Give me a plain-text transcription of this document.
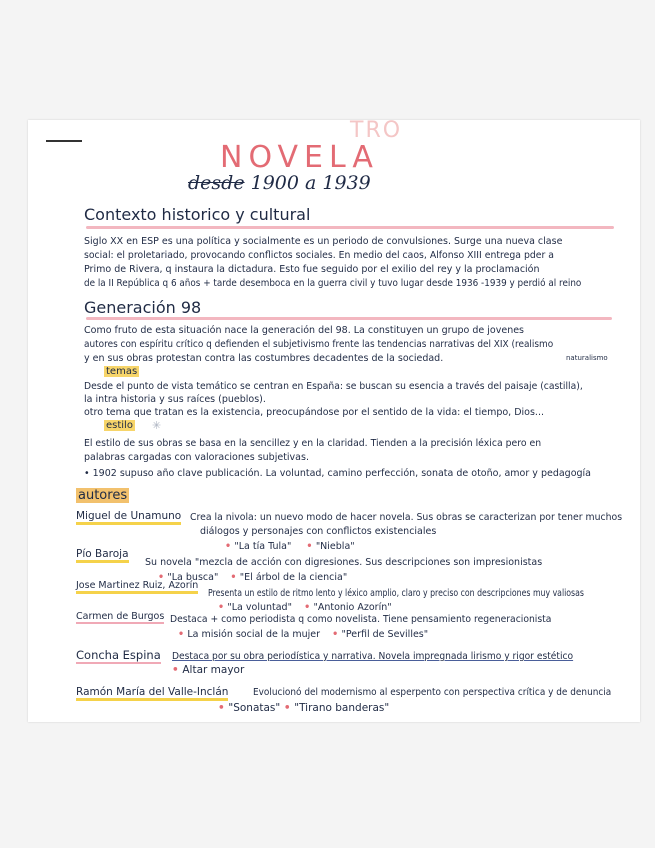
TRO
NOVELA
desde 1900 a 1939
Contexto historico y cultural
Siglo XX en ESP es una política y socialmente es un periodo de convulsiones. Surge una nueva clase
social: el proletariado, provocando conflictos sociales. En medio del caos, Alfonso XIII entrega pder a
Primo de Rivera, q instaura la dictadura. Esto fue seguido por el exilio del rey y la proclamación
de la II República q 6 años + tarde desemboca en la guerra civil y tuvo lugar desde 1936 -1939 y perdió al reino
Generación 98
Como fruto de esta situación nace la generación del 98. La constituyen un grupo de jovenes
autores con espíritu crítico q defienden el subjetivismo frente las tendencias narrativas del XIX (realismo
y en sus obras protestan contra las costumbres decadentes de la sociedad.	naturalismo
temas
Desde el punto de vista temático se centran en España: se buscan su esencia a través del paisaje (castilla),
la intra historia y sus raíces (pueblos).
otro tema que tratan es la existencia, preocupándose por el sentido de la vida: el tiempo, Dios...
estilo ✳
El estilo de sus obras se basa en la sencillez y en la claridad. Tienden a la precisión léxica pero en
palabras cargadas con valoraciones subjetivas.
• 1902 supuso año clave publicación. La voluntad, camino perfección, sonata de otoño, amor y pedagogía
autores
Miguel de Unamuno Crea la nivola: un nuevo modo de hacer novela. Sus obras se caracterizan por tener muchos
diálogos y personajes con conflictos existenciales
• "La tía Tula" • "Niebla"
Pío Baroja
Su novela "mezcla de acción con digresiones. Sus descripciones son impresionistas
• "La busca" • "El árbol de la ciencia"
Jose Martinez Ruiz, Azorín
Presenta un estilo de ritmo lento y léxico amplio, claro y preciso con descripciones muy valiosas
• "La voluntad" • "Antonio Azorín"
Carmen de Burgos Destaca + como periodista q como novelista. Tiene pensamiento regeneracionista
• La misión social de la mujer • "Perfil de Sevilles"
Concha Espina Destaca por su obra periodística y narrativa. Novela impregnada lirismo y rigor estético
• Altar mayor
Ramón María del Valle-Inclán	Evolucionó del modernismo al esperpento con perspectiva crítica y de denuncia
• "Sonatas" • "Tirano banderas"
